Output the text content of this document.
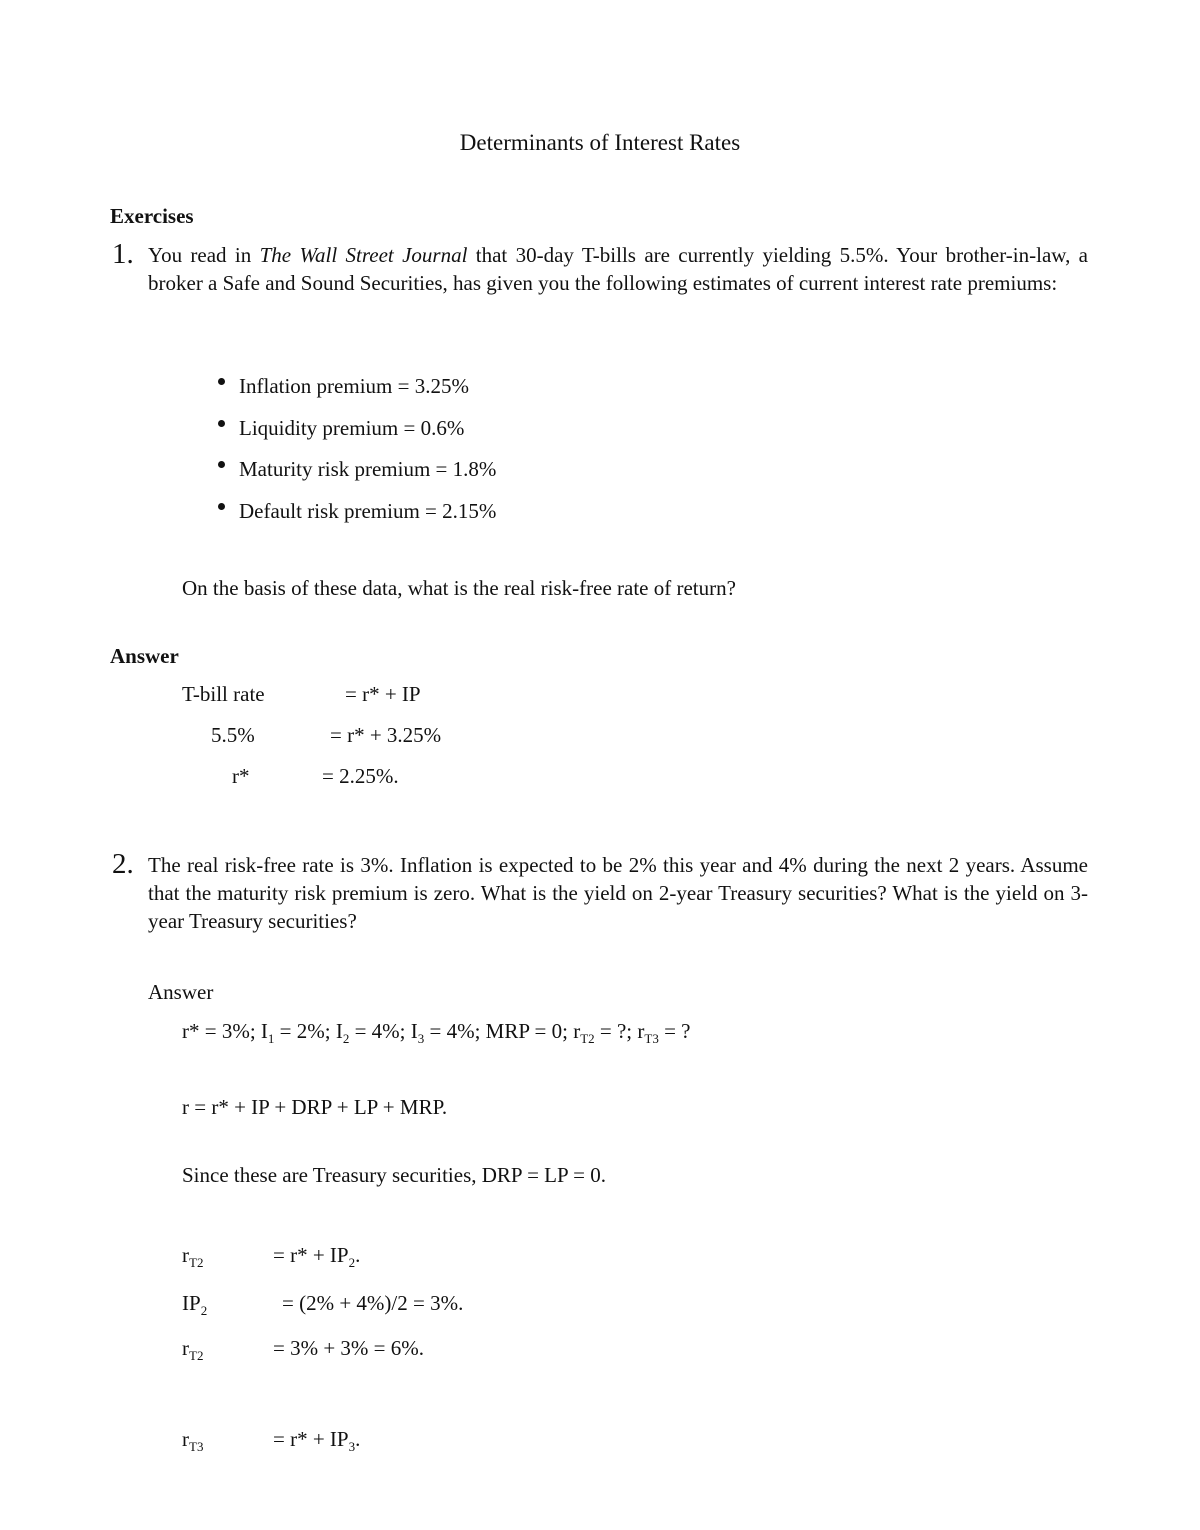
Determinants of Interest Rates
Exercises
1. You read in The Wall Street Journal that 30-day T-bills are currently yielding 5.5%. Your brother-in-law, a broker a Safe and Sound Securities, has given you the following estimates of current interest rate premiums:
Inflation premium = 3.25%
Liquidity premium = 0.6%
Maturity risk premium = 1.8%
Default risk premium = 2.15%
On the basis of these data, what is the real risk-free rate of return?
Answer
T-bill rate	= r* + IP
5.5%	= r* + 3.25%
r*	= 2.25%.
2. The real risk-free rate is 3%. Inflation is expected to be 2% this year and 4% during the next 2 years. Assume that the maturity risk premium is zero. What is the yield on 2-year Treasury securities? What is the yield on 3-year Treasury securities?
Answer
r* = 3%; $I_1 = 2\%$; $I_2 = 4\%$; $I_3 = 4\%$; MRP = 0; $r_{T2}$ = ?; $r_{T3}$ = ?
r = r* + IP + DRP + LP + MRP.
Since these are Treasury securities, DRP = LP = 0.
$r_{T2}$	= $r* + IP_2$.
$IP_2$	= (2% + 4%)/2 = 3%.
$r_{T2}$	= 3% + 3% = 6%.
$r_{T3}$	= $r* + IP_3$.
